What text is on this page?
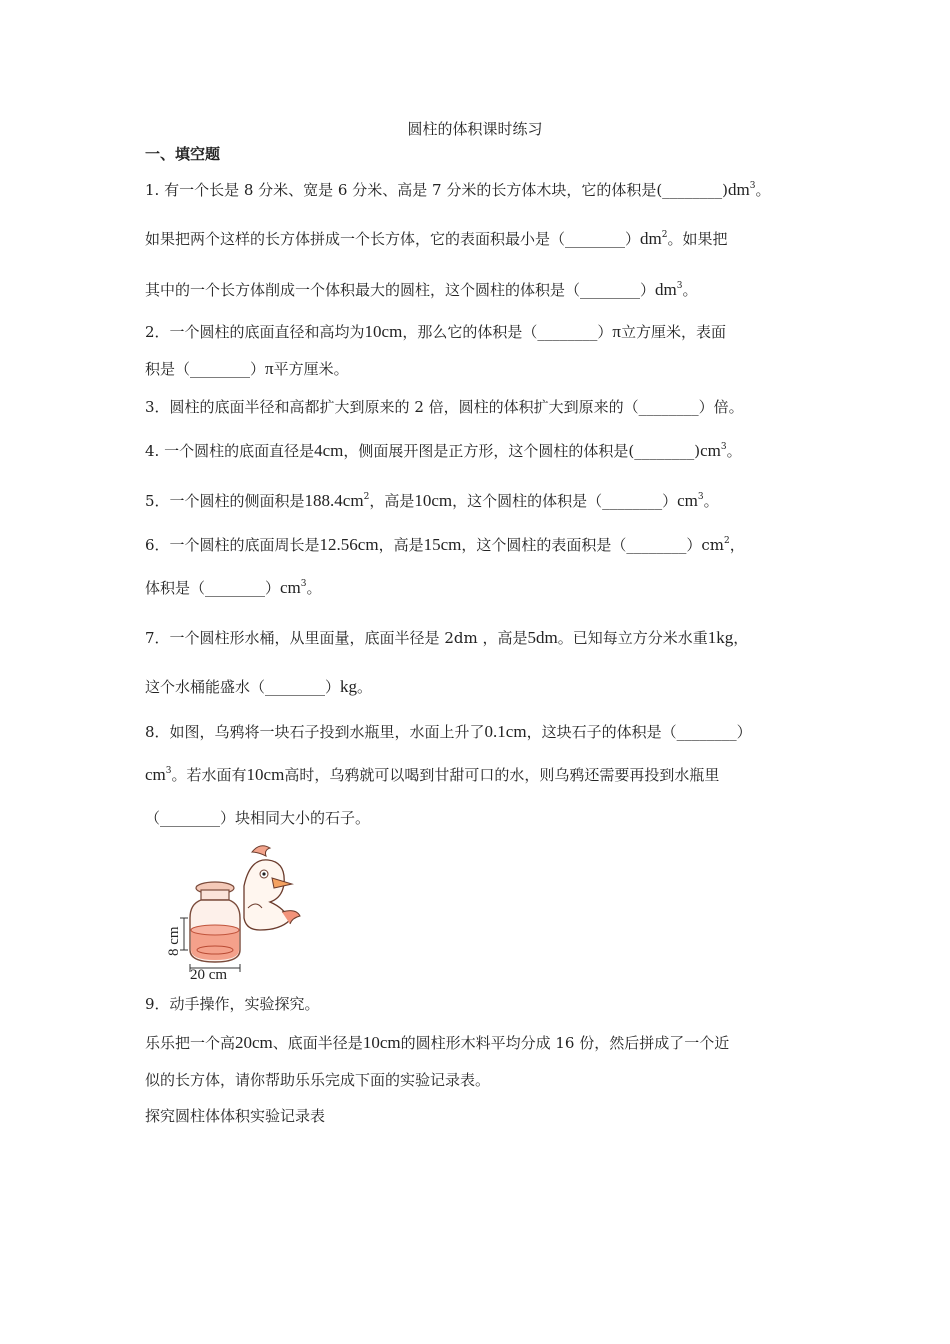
圆柱的体积课时练习
一、填空题
1. 有一个长是 8 分米、宽是 6 分米、高是 7 分米的长方体木块，它的体积是$(\_\_\_\_\_\_\_\_)dm^3$。
如果把两个这样的长方体拼成一个长方体，它的表面积最小是$(\_\_\_\_\_\_\_\_)dm^2$。如果把
其中的一个长方体削成一个体积最大的圆柱，这个圆柱的体积是$(\_\_\_\_\_\_\_\_)dm^3$。
2．一个圆柱的底面直径和高均为10cm，那么它的体积是（________）π立方厘米，表面
积是（________）π平方厘米。
3．圆柱的底面半径和高都扩大到原来的 2 倍，圆柱的体积扩大到原来的（________）倍。
4. 一个圆柱的底面直径是4cm，侧面展开图是正方形，这个圆柱的体积是$(\_\_\_\_\_\_\_\_)cm^3$。
5．一个圆柱的侧面积是$188.4cm^2$，高是10cm，这个圆柱的体积是$(\_\_\_\_\_\_\_\_)cm^3$。
6．一个圆柱的底面周长是12.56cm，高是15cm，这个圆柱的表面积是$(\_\_\_\_\_\_\_\_)cm^2$，
体积是$(\_\_\_\_\_\_\_\_)cm^3$。
7．一个圆柱形水桶，从里面量，底面半径是 2dm ，高是5dm。已知每立方分米水重1kg，
这个水桶能盛水（________）kg。
8．如图，乌鸦将一块石子投到水瓶里，水面上升了0.1cm，这块石子的体积是（________）
$cm^3$。若水面有10cm高时，乌鸦就可以喝到甘甜可口的水，则乌鸦还需要再投到水瓶里
（________）块相同大小的石子。
9．动手操作，实验探究。
乐乐把一个高20cm、底面半径是10cm的圆柱形木料平均分成 16 份，然后拼成了一个近
似的长方体，请你帮助乐乐完成下面的实验记录表。
探究圆柱体体积实验记录表
8 cm
20 cm
